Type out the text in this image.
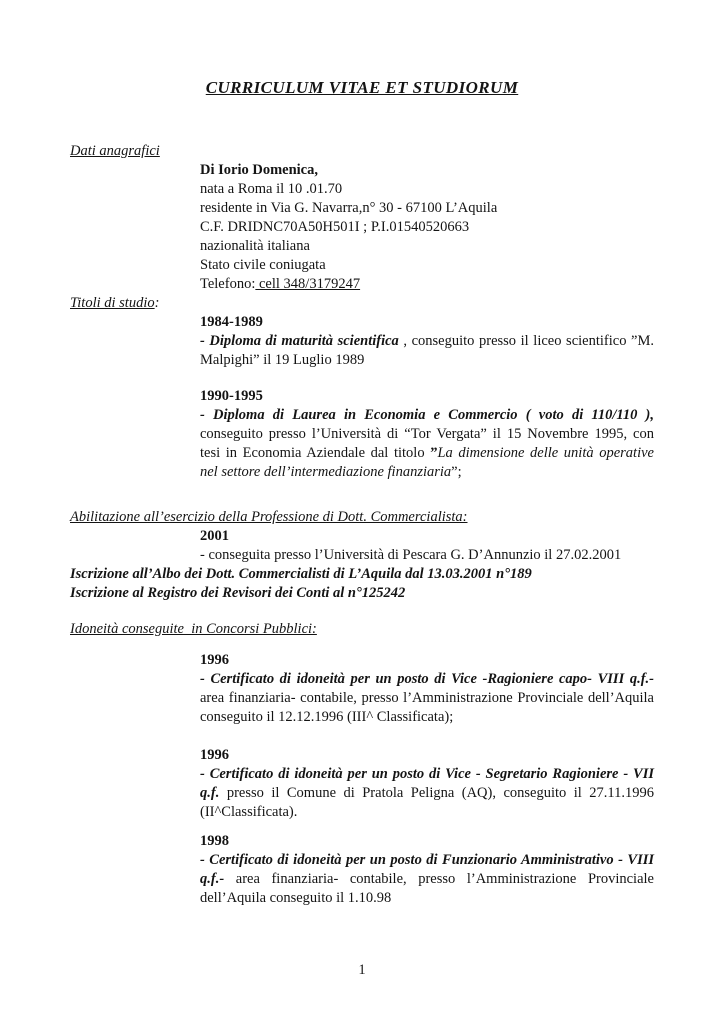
CURRICULUM VITAE ET STUDIORUM

Dati anagrafici

Di Iorio Domenica,

nata a Roma il 10 .01.70

residente in Via G. Navarra,n° 30 - 67100 L’Aquila

C.F. DRIDNC70A50H501I ; P.I.01540520663

nazionalità italiana

Stato civile coniugata

Telefono: cell 348/3179247

Titoli di studio:

1984-1989

- Diploma di maturità scientifica , conseguito presso il liceo scientifico ”M. Malpighi” il 19 Luglio 1989

1990-1995

- Diploma di Laurea in Economia e Commercio ( voto di 110/110 ), conseguito presso l’Università di “Tor Vergata” il 15 Novembre 1995, con tesi in Economia Aziendale dal titolo ”La dimensione delle unità operative nel settore dell’intermediazione finanziaria”;

Abilitazione all’esercizio della Professione di Dott. Commercialista:

2001

- conseguita presso l’Università di Pescara G. D’Annunzio il 27.02.2001

Iscrizione all’Albo dei Dott. Commercialisti di L’Aquila dal 13.03.2001 n°189

Iscrizione al Registro dei Revisori dei Conti al n°125242

Idoneità conseguite  in Concorsi Pubblici:

1996

- Certificato di idoneità per un posto di Vice -Ragioniere capo- VIII q.f.- area finanziaria- contabile, presso l’Amministrazione Provinciale dell’Aquila conseguito il 12.12.1996 (III^ Classificata);

1996

- Certificato di idoneità per un posto di Vice - Segretario Ragioniere - VII q.f. presso il Comune di Pratola Peligna (AQ), conseguito il 27.11.1996 (II^Classificata).

1998

- Certificato di idoneità per un posto di Funzionario Amministrativo - VIII q.f.- area finanziaria- contabile, presso l’Amministrazione Provinciale dell’Aquila conseguito il 1.10.98

1
